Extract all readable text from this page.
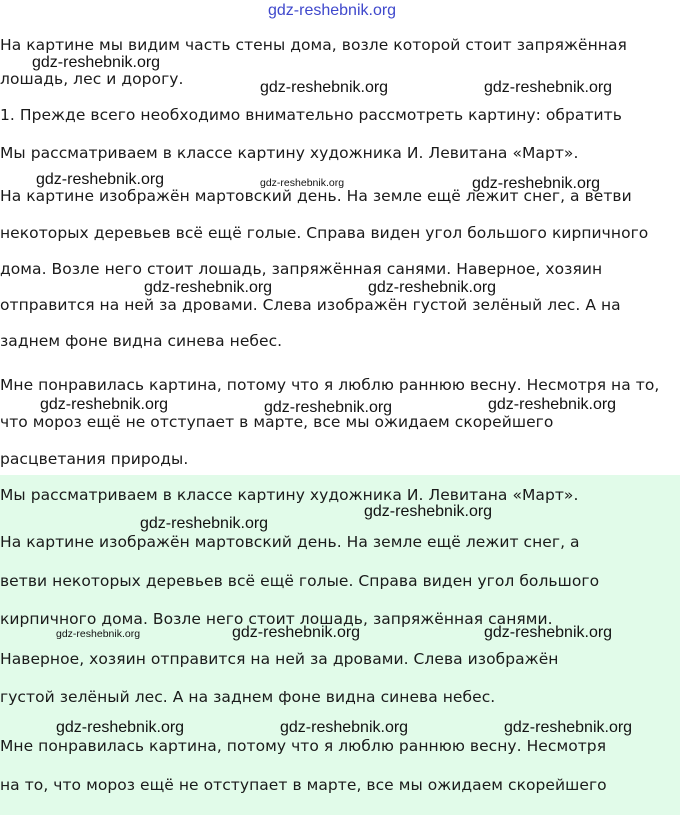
gdz-reshebnik.org
На картине мы видим часть стены дома, возле которой стоит запряжённая
лошадь, лес и дорогу.
1. Прежде всего необходимо внимательно рассмотреть картину: обратить
Мы рассматриваем в классе картину художника И. Левитана «Март».
На картине изображён мартовский день. На земле ещё лежит снег, а ветви
некоторых деревьев всё ещё голые. Справа виден угол большого кирпичного
дома. Возле него стоит лошадь, запряжённая санями. Наверное, хозяин
отправится на ней за дровами. Слева изображён густой зелёный лес. А на
заднем фоне видна синева небес.
Мне понравилась картина, потому что я люблю раннюю весну. Несмотря на то,
что мороз ещё не отступает в марте, все мы ожидаем скорейшего
расцветания природы.
Мы рассматриваем в классе картину художника И. Левитана «Март».
На картине изображён мартовский день. На земле ещё лежит снег, а
ветви некоторых деревьев всё ещё голые. Справа виден угол большого
кирпичного дома. Возле него стоит лошадь, запряжённая санями.
Наверное, хозяин отправится на ней за дровами. Слева изображён
густой зелёный лес. А на заднем фоне видна синева небес.
Мне понравилась картина, потому что я люблю раннюю весну. Несмотря
на то, что мороз ещё не отступает в марте, все мы ожидаем скорейшего
gdz-reshebnik.org
gdz-reshebnik.org	gdz-reshebnik.org
gdz-reshebnik.org	gdz-reshebnik.org	gdz-reshebnik.org
gdz-reshebnik.org	gdz-reshebnik.org
gdz-reshebnik.org	gdz-reshebnik.org	gdz-reshebnik.org
gdz-reshebnik.org
gdz-reshebnik.org
gdz-reshebnik.org	gdz-reshebnik.org	gdz-reshebnik.org
gdz-reshebnik.org	gdz-reshebnik.org	gdz-reshebnik.org
